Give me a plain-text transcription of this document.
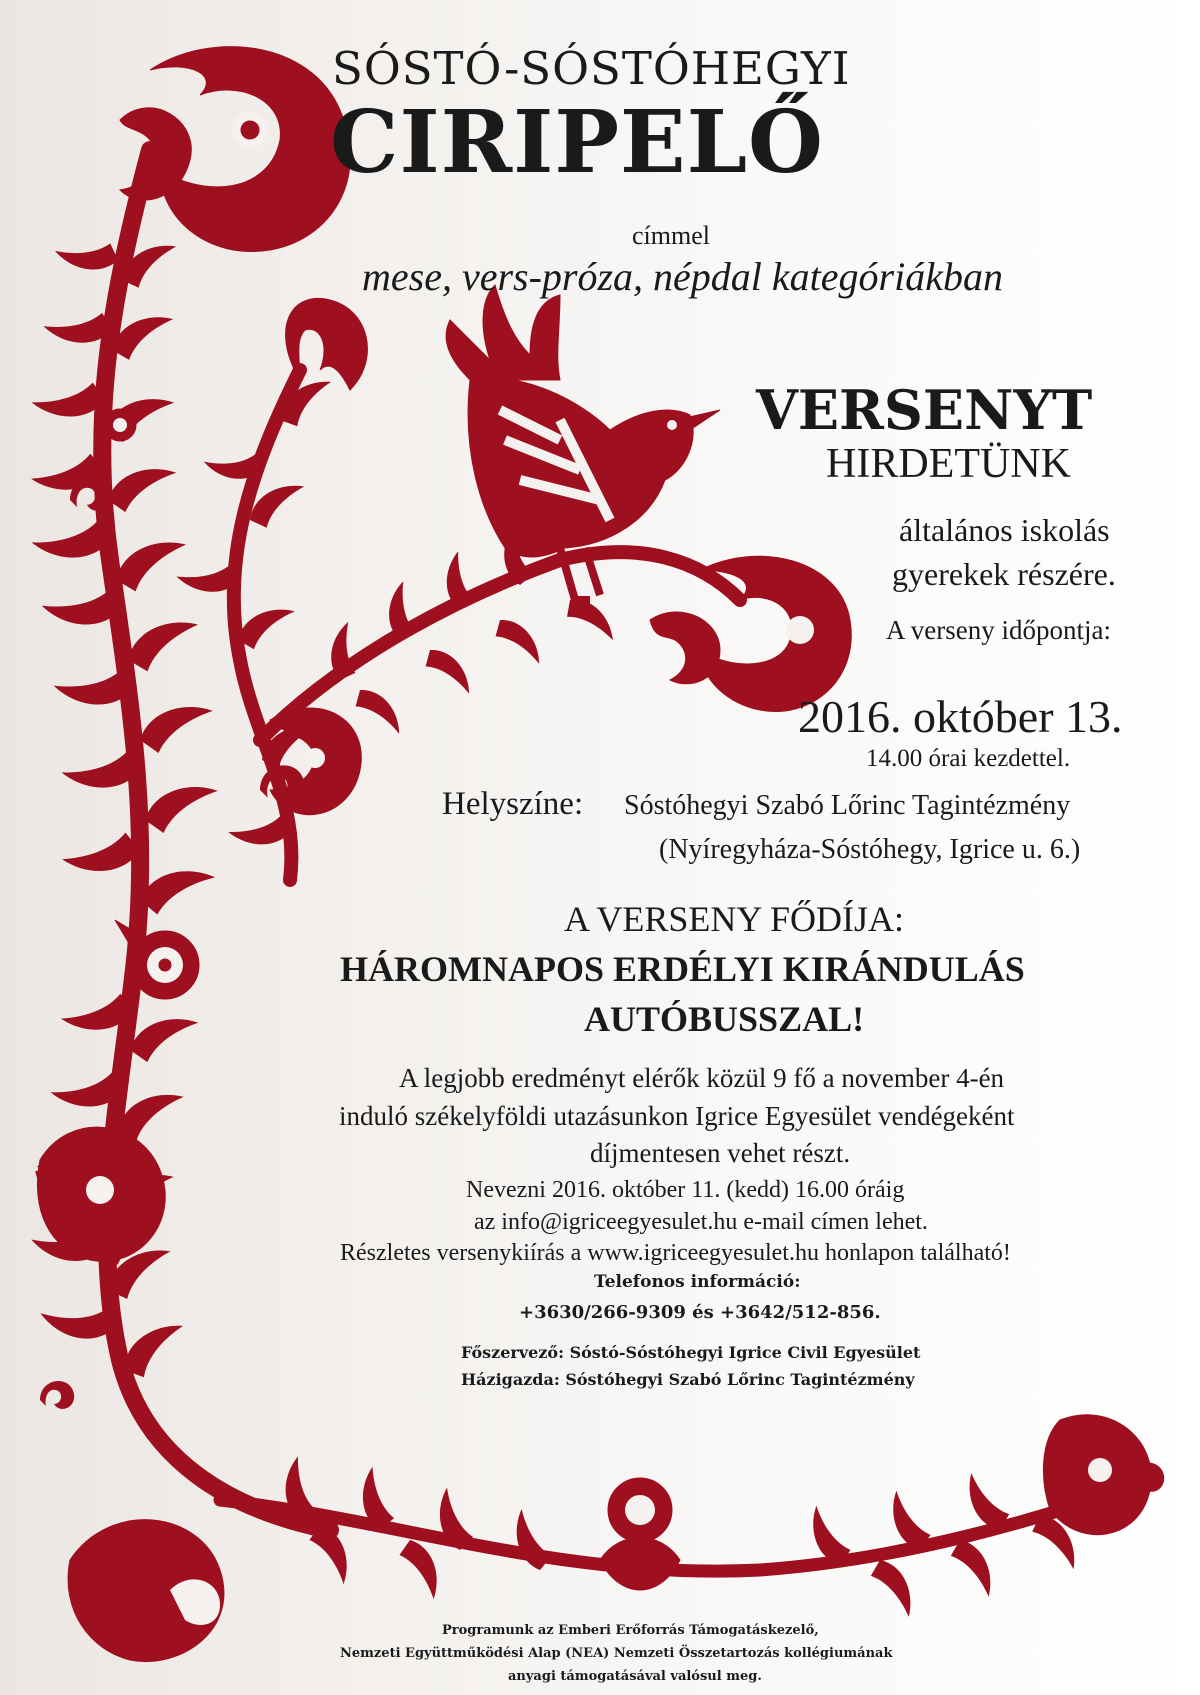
SÓSTÓ-SÓSTÓHEGYI
CIRIPELŐ

címmel

mese, vers-próza, népdal kategóriákban

VERSENYT

HIRDETÜNK

általános iskolás

gyerekek részére.

A verseny időpontja:

2016. október 13.

14.00 órai kezdettel.

Helyszíne: Sóstóhegyi Szabó Lőrinc Tagintézmény

(Nyíregyháza-Sóstóhegy, Igrice u. 6.)

A VERSENY FŐDÍJA:

HÁROMNAPOS ERDÉLYI KIRÁNDULÁS

AUTÓBUSSZAL!

A legjobb eredményt elérők közül 9 fő a november 4-én

induló székelyföldi utazásunkon Igrice Egyesület vendégeként

díjmentesen vehet részt.

Nevezni 2016. október 11. (kedd) 16.00 óráig

az info@igriceegyesulet.hu e-mail címen lehet.

Részletes versenykiírás a www.igriceegyesulet.hu honlapon található!

Telefonos információ:

+3630/266-9309 és +3642/512-856.

Főszervező: Sóstó-Sóstóhegyi Igrice Civil Egyesület

Házigazda: Sóstóhegyi Szabó Lőrinc Tagintézmény

Programunk az Emberi Erőforrás Támogatáskezelő,

Nemzeti Együttműködési Alap (NEA) Nemzeti Összetartozás kollégiumának

anyagi támogatásával valósul meg.
